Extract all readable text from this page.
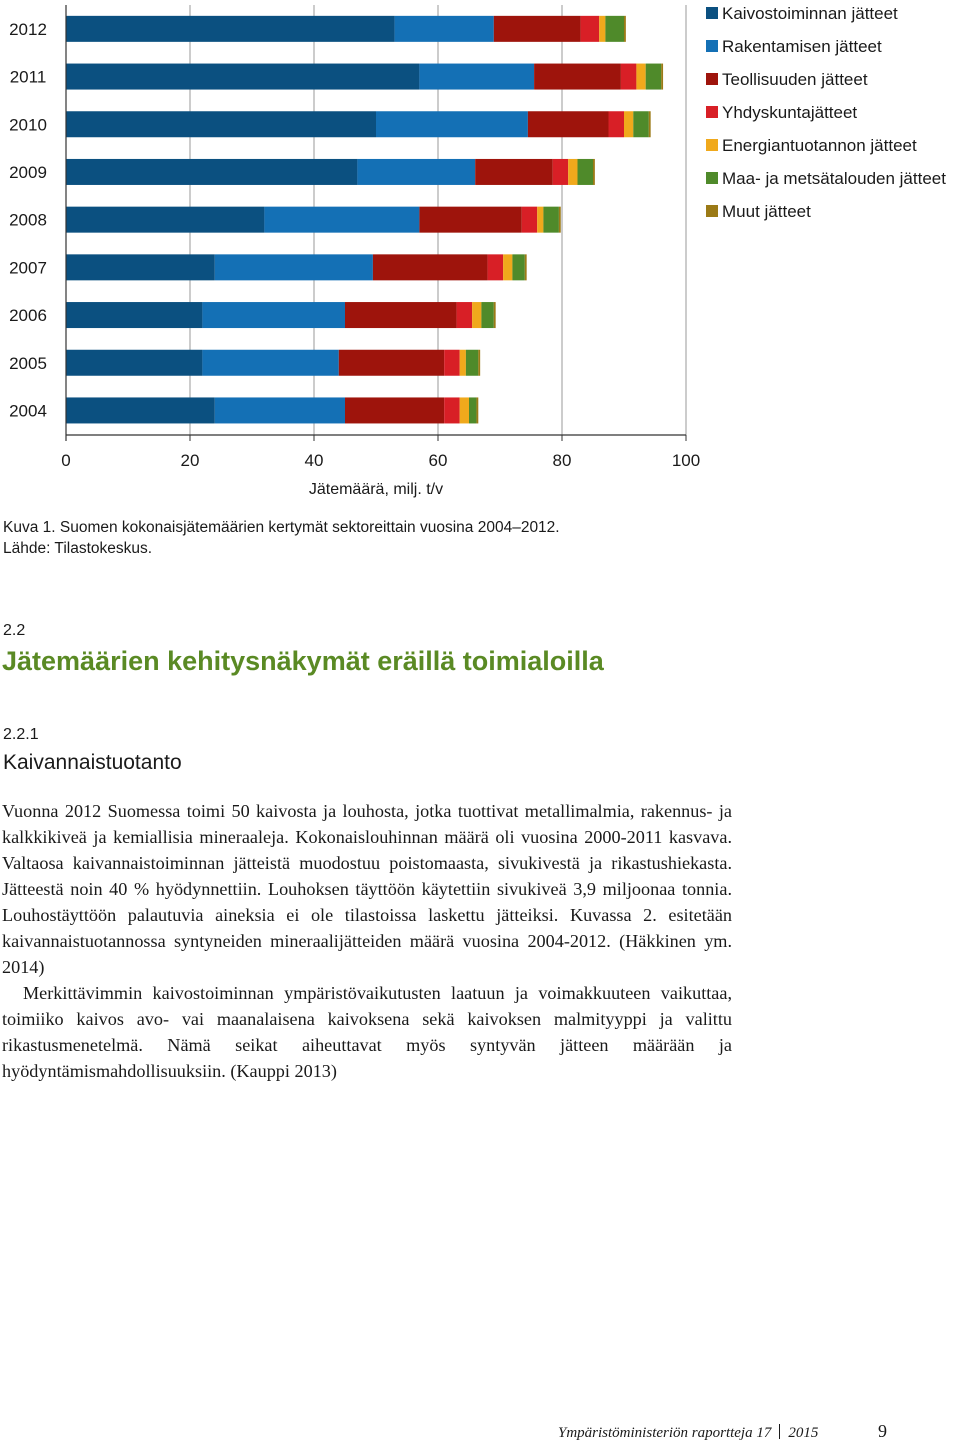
2012
2011
2010
2009
2008
2007
2006
2005
2004
0	20	40	60	80	100
Kaivostoiminnan jätteet
Rakentamisen jätteet
Teollisuuden jätteet
Yhdyskuntajätteet
Energiantuotannon jätteet
Maa- ja metsätalouden jätteet
Muut jätteet
Jätemäärä, milj. t/v
Kuva 1. Suomen kokonaisjätemäärien kertymät sektoreittain vuosina 2004–2012.
Lähde: Tilastokeskus.
2.2
Jätemäärien kehitysnäkymät eräillä toimialoilla
2.2.1
Kaivannaistuotanto

Vuonna 2012 Suomessa toimi 50 kaivosta ja louhosta, jotka tuottivat metallimalmia, rakennus- ja kalkkikiveä ja kemiallisia mineraaleja. Kokonaislouhinnan määrä oli vuosina 2000-2011 kasvava. Valtaosa kaivannaistoiminnan jätteistä muodostuu poistomaasta, sivukivestä ja rikastushiekasta. Jätteestä noin 40 % hyödynnettiin. Louhoksen täyttöön käytettiin sivukiveä 3,9 miljoonaa tonnia. Louhostäyttöön palautuvia aineksia ei ole tilastoissa laskettu jätteiksi. Kuvassa 2. esitetään kaivannaistuotannossa syntyneiden mineraalijätteiden määrä vuosina 2004-2012. (Häkkinen ym. 2014)

Merkittävimmin kaivostoiminnan ympäristövaikutusten laatuun ja voimakkuuteen vaikuttaa, toimiiko kaivos avo- vai maanalaisena kaivoksena sekä kaivoksen malmityyppi ja valittu rikastusmenetelmä. Nämä seikat aiheuttavat myös syntyvän jätteen määrään ja hyödyntämismahdollisuuksiin. (Kauppi 2013)

Ympäristöministeriön raportteja 17 2015	9
